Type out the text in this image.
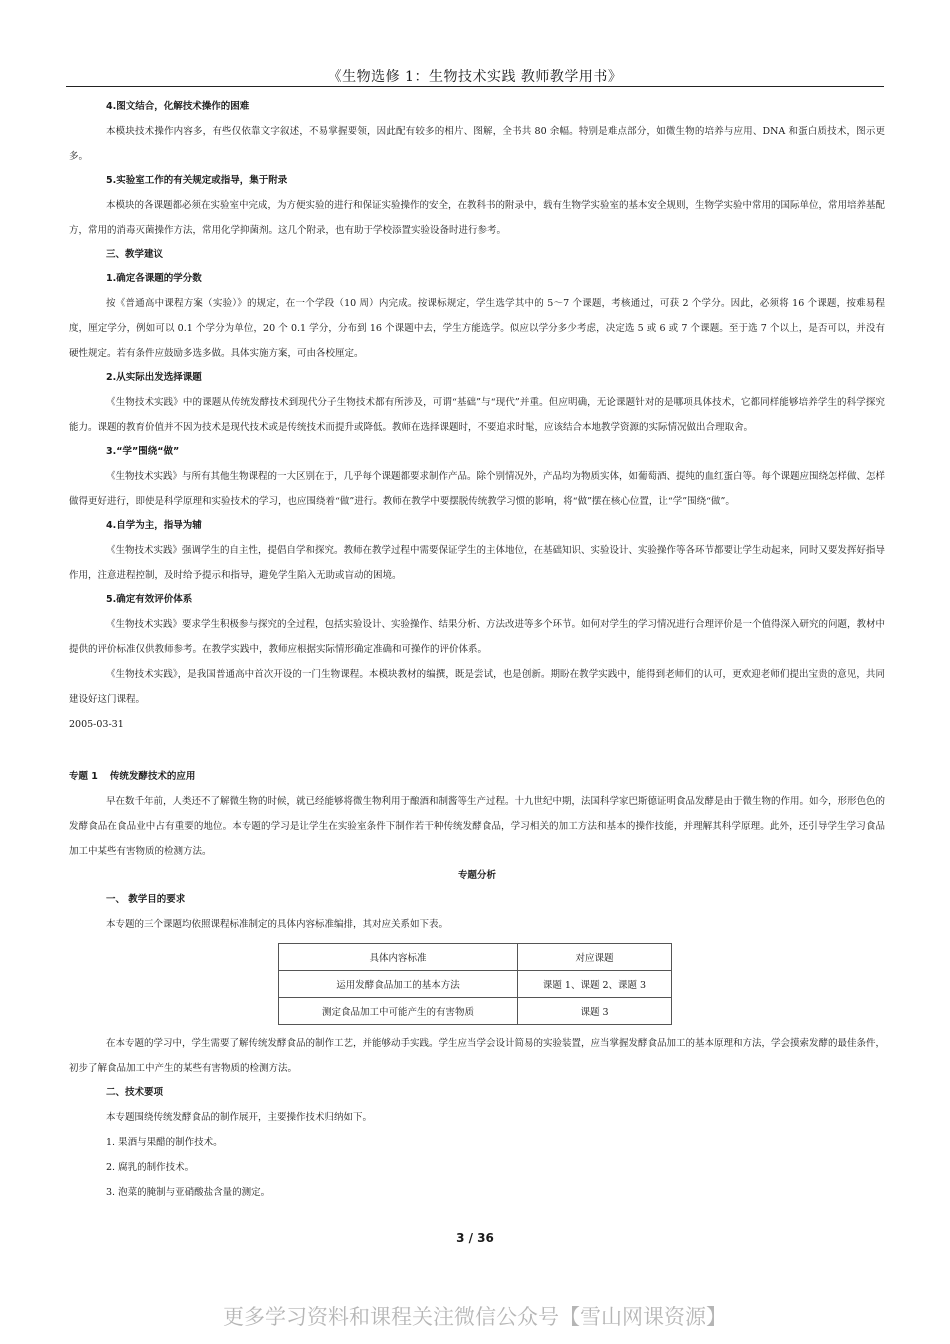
《生物选修 1：生物技术实践 教师教学用书》

4.图文结合，化解技术操作的困难

本模块技术操作内容多，有些仅依靠文字叙述，不易掌握要领，因此配有较多的相片、图解，全书共 80 余幅。特别是难点部分，如微生物的培养与应用、DNA 和蛋白质技术，图示更多。

5.实验室工作的有关规定或指导，集于附录

本模块的各课题都必须在实验室中完成，为方便实验的进行和保证实验操作的安全，在教科书的附录中，载有生物学实验室的基本安全规则，生物学实验中常用的国际单位，常用培养基配方，常用的消毒灭菌操作方法，常用化学抑菌剂。这几个附录，也有助于学校添置实验设备时进行参考。

三、教学建议

1.确定各课题的学分数

按《普通高中课程方案（实验）》的规定，在一个学段（10 周）内完成。按课标规定，学生选学其中的 5～7 个课题，考核通过，可获 2 个学分。因此，必须将 16 个课题，按难易程度，厘定学分，例如可以 0.1 个学分为单位，20 个 0.1 学分，分布到 16 个课题中去，学生方能选学。似应以学分多少考虑，决定选 5 或 6 或 7 个课题。至于选 7 个以上，是否可以，并没有硬性规定。若有条件应鼓励多选多做。具体实施方案，可由各校厘定。

2.从实际出发选择课题

《生物技术实践》中的课题从传统发酵技术到现代分子生物技术都有所涉及，可谓“基础”与“现代”并重。但应明确，无论课题针对的是哪项具体技术，它都同样能够培养学生的科学探究能力。课题的教育价值并不因为技术是现代技术或是传统技术而提升或降低。教师在选择课题时，不要追求时髦，应该结合本地教学资源的实际情况做出合理取舍。

3.“学”围绕“做”

《生物技术实践》与所有其他生物课程的一大区别在于，几乎每个课题都要求制作产品。除个别情况外，产品均为物质实体，如葡萄酒、提纯的血红蛋白等。每个课题应围绕怎样做、怎样做得更好进行，即使是科学原理和实验技术的学习，也应围绕着“做”进行。教师在教学中要摆脱传统教学习惯的影响，将“做”摆在核心位置，让“学”围绕“做”。

4.自学为主，指导为辅

《生物技术实践》强调学生的自主性，提倡自学和探究。教师在教学过程中需要保证学生的主体地位，在基础知识、实验设计、实验操作等各环节都要让学生动起来，同时又要发挥好指导作用，注意进程控制，及时给予提示和指导，避免学生陷入无助或盲动的困境。

5.确定有效评价体系

《生物技术实践》要求学生积极参与探究的全过程，包括实验设计、实验操作、结果分析、方法改进等多个环节。如何对学生的学习情况进行合理评价是一个值得深入研究的问题，教材中提供的评价标准仅供教师参考。在教学实践中，教师应根据实际情形确定准确和可操作的评价体系。

《生物技术实践》，是我国普通高中首次开设的一门生物课程。本模块教材的编撰，既是尝试，也是创新。期盼在教学实践中，能得到老师们的认可，更欢迎老师们提出宝贵的意见，共同建设好这门课程。

2005-03-31

专题 1 传统发酵技术的应用

早在数千年前，人类还不了解微生物的时候，就已经能够将微生物利用于酿酒和制酱等生产过程。十九世纪中期，法国科学家巴斯德证明食品发酵是由于微生物的作用。如今，形形色色的发酵食品在食品业中占有重要的地位。本专题的学习是让学生在实验室条件下制作若干种传统发酵食品，学习相关的加工方法和基本的操作技能，并理解其科学原理。此外，还引导学生学习食品加工中某些有害物质的检测方法。

专题分析

一、 教学目的要求

本专题的三个课题均依照课程标准制定的具体内容标准编排，其对应关系如下表。

具体内容标准	对应课题
运用发酵食品加工的基本方法	课题 1、课题 2、课题 3
测定食品加工中可能产生的有害物质	课题 3

在本专题的学习中，学生需要了解传统发酵食品的制作工艺，并能够动手实践。学生应当学会设计简易的实验装置，应当掌握发酵食品加工的基本原理和方法，学会摸索发酵的最佳条件，初步了解食品加工中产生的某些有害物质的检测方法。

二、技术要项

本专题围绕传统发酵食品的制作展开，主要操作技术归纳如下。

1. 果酒与果醋的制作技术。

2. 腐乳的制作技术。

3. 泡菜的腌制与亚硝酸盐含量的测定。

3 / 36
更多学习资料和课程关注微信公众号【雪山网课资源】
